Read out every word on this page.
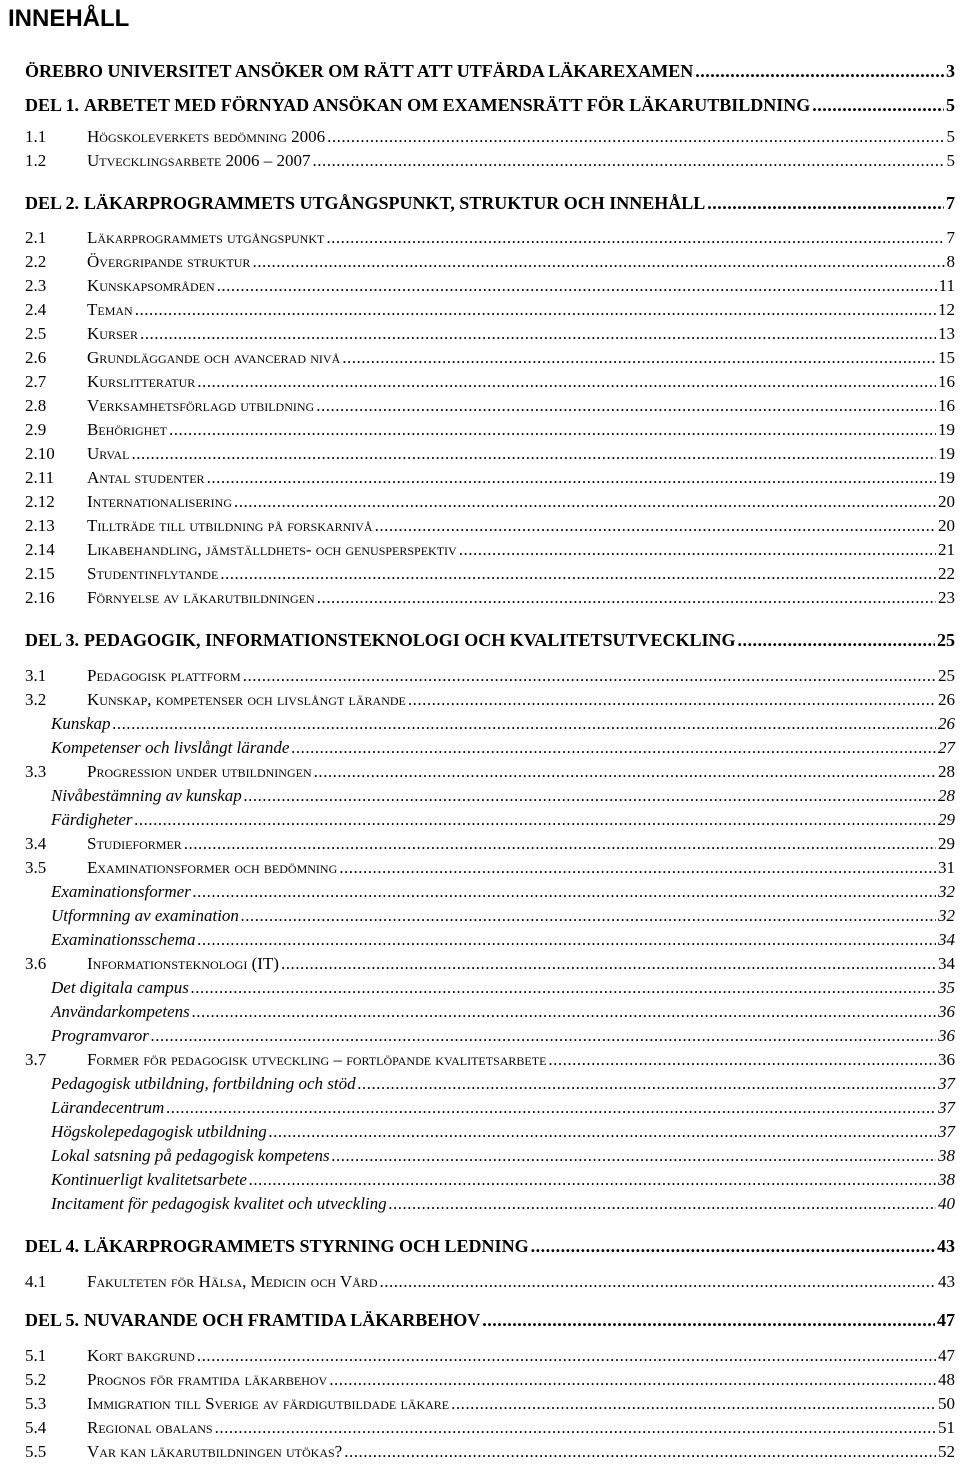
INNEHÅLL
ÖREBRO UNIVERSITET ANSÖKER OM RÄTT ATT UTFÄRDA LÄKAREXAMEN .....	3
DEL 1. ARBETET MED FÖRNYAD ANSÖKAN OM EXAMENSRÄTT FÖR LÄKARUTBILDNING .....	5
1.1	Högskoleverkets bedömning 2006 .....	5
1.2	Utvecklingsarbete 2006 – 2007 .....	5
DEL 2. LÄKARPROGRAMMETS UTGÅNGSPUNKT, STRUKTUR OCH INNEHÅLL .....	7
2.1	Läkarprogrammets utgångspunkt .....	7
2.2	Övergripande struktur .....	8
2.3	Kunskapsområden .....	11
2.4	Teman .....	12
2.5	Kurser .....	13
2.6	Grundläggande och avancerad nivå .....	15
2.7	Kurslitteratur .....	16
2.8	Verksamhetsförlagd utbildning .....	16
2.9	Behörighet .....	19
2.10	Urval .....	19
2.11	Antal studenter .....	19
2.12	Internationalisering .....	20
2.13	Tillträde till utbildning på forskarnivå .....	20
2.14	Likabehandling, jämställdhets- och genusperspektiv .....	21
2.15	Studentinflytande .....	22
2.16	Förnyelse av läkarutbildningen .....	23
DEL 3. PEDAGOGIK, INFORMATIONSTEKNOLOGI OCH KVALITETSUTVECKLING .....	25
3.1	Pedagogisk plattform .....	25
3.2	Kunskap, kompetenser och livslångt lärande .....	26
Kunskap .....	26
Kompetenser och livslångt lärande .....	27
3.3	Progression under utbildningen .....	28
Nivåbestämning av kunskap .....	28
Färdigheter .....	29
3.4	Studieformer .....	29
3.5	Examinationsformer och bedömning .....	31
Examinationsformer .....	32
Utformning av examination .....	32
Examinationsschema .....	34
3.6	Informationsteknologi (IT) .....	34
Det digitala campus .....	35
Användarkompetens .....	36
Programvaror .....	36
3.7	Former för pedagogisk utveckling – fortlöpande kvalitetsarbete .....	36
Pedagogisk utbildning, fortbildning och stöd .....	37
Lärandecentrum .....	37
Högskolepedagogisk utbildning .....	37
Lokal satsning på pedagogisk kompetens .....	38
Kontinuerligt kvalitetsarbete .....	38
Incitament för pedagogisk kvalitet och utveckling .....	40
DEL 4. LÄKARPROGRAMMETS STYRNING OCH LEDNING .....	43
4.1	Fakulteten för Hälsa, Medicin och Vård .....	43
DEL 5. NUVARANDE OCH FRAMTIDA LÄKARBEHOV .....	47
5.1	Kort bakgrund .....	47
5.2	Prognos för framtida läkarbehov .....	48
5.3	Immigration till Sverige av färdigutbildade läkare .....	50
5.4	Regional obalans .....	51
5.5	Var kan läkarutbildningen utökas? .....	52
